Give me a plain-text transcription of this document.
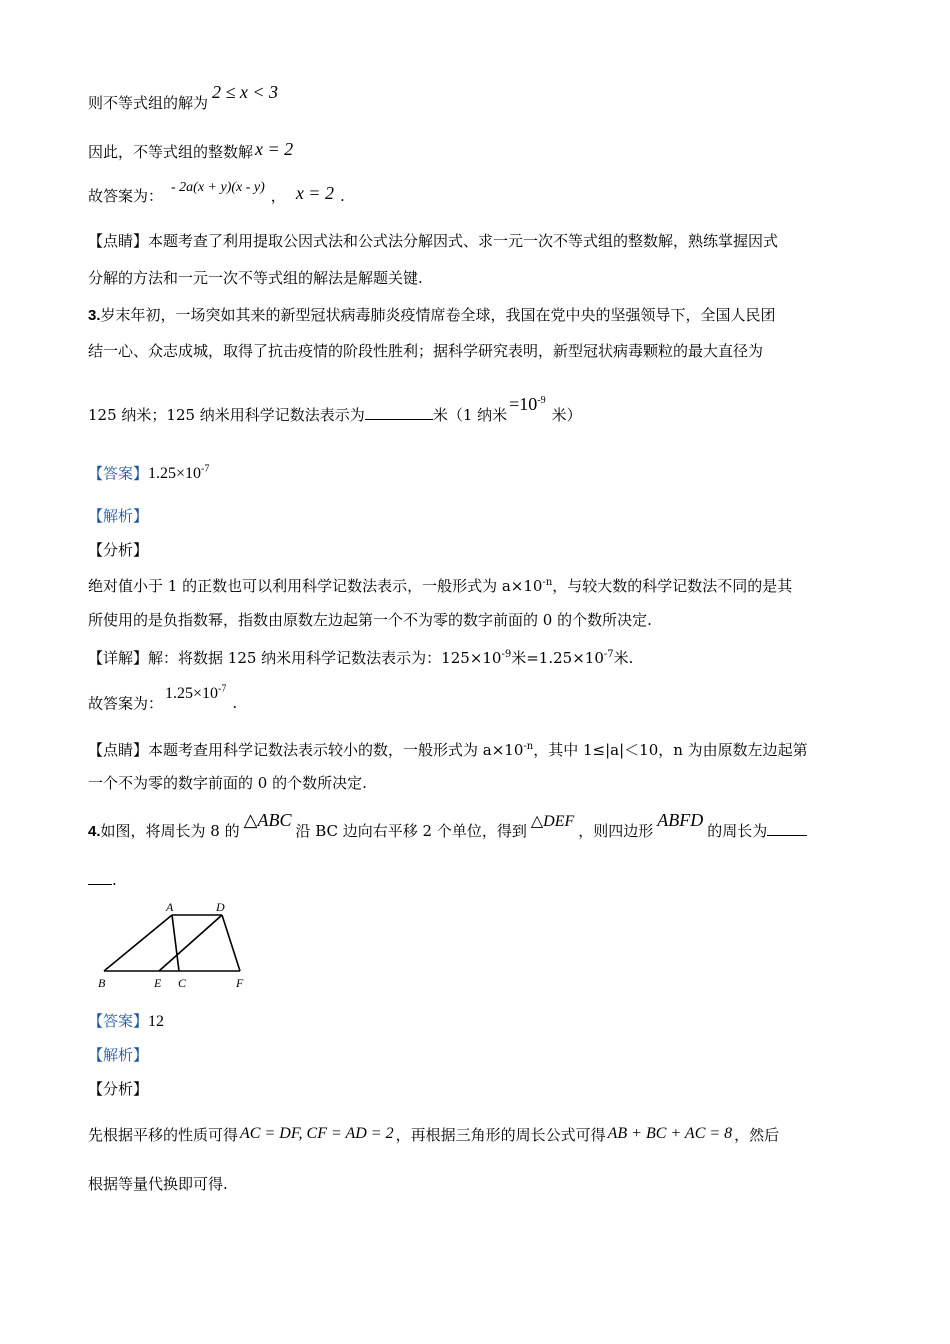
则不等式组的解为2 ≤ x < 3
因此，不等式组的整数解 x = 2
故答案为： - 2a(x + y)(x - y) ， x = 2 .
【点睛】本题考查了利用提取公因式法和公式法分解因式、求一元一次不等式组的整数解，熟练掌握因式
分解的方法和一元一次不等式组的解法是解题关键.
3.岁末年初，一场突如其来的新型冠状病毒肺炎疫情席卷全球，我国在党中央的坚强领导下，全国人民团
结一心、众志成城，取得了抗击疫情的阶段性胜利；据科学研究表明，新型冠状病毒颗粒的最大直径为
125 纳米；125 纳米用科学记数法表示为	米（1 纳米$=10^{-9}$米）
【答案】$1.25\times 10^{-7}$
【解析】
【分析】
绝对值小于 1 的正数也可以利用科学记数法表示，一般形式为 $a\times 10^{-n}$，与较大数的科学记数法不同的是其
所使用的是负指数幂，指数由原数左边起第一个不为零的数字前面的 0 的个数所决定.
【详解】解：将数据 125 纳米用科学记数法表示为：$125\times 10^{-9}$米$=1.25\times 10^{-7}$米.
故答案为：$1.25\times 10^{-7}$.
【点睛】本题考查用科学记数法表示较小的数，一般形式为 $a\times 10^{-n}$，其中 1≤|a|＜10，n 为由原数左边起第
一个不为零的数字前面的 0 的个数所决定.
4.如图，将周长为 8 的△ABC沿 BC 边向右平移 2 个单位，得到△DEF，则四边形ABFD的周长为
.
A	D
B	E C	F
【答案】12
【解析】
【分析】
先根据平移的性质可得 AC = DF, CF = AD = 2 ，再根据三角形的周长公式可得 AB + BC + AC = 8 ，然后
根据等量代换即可得.
